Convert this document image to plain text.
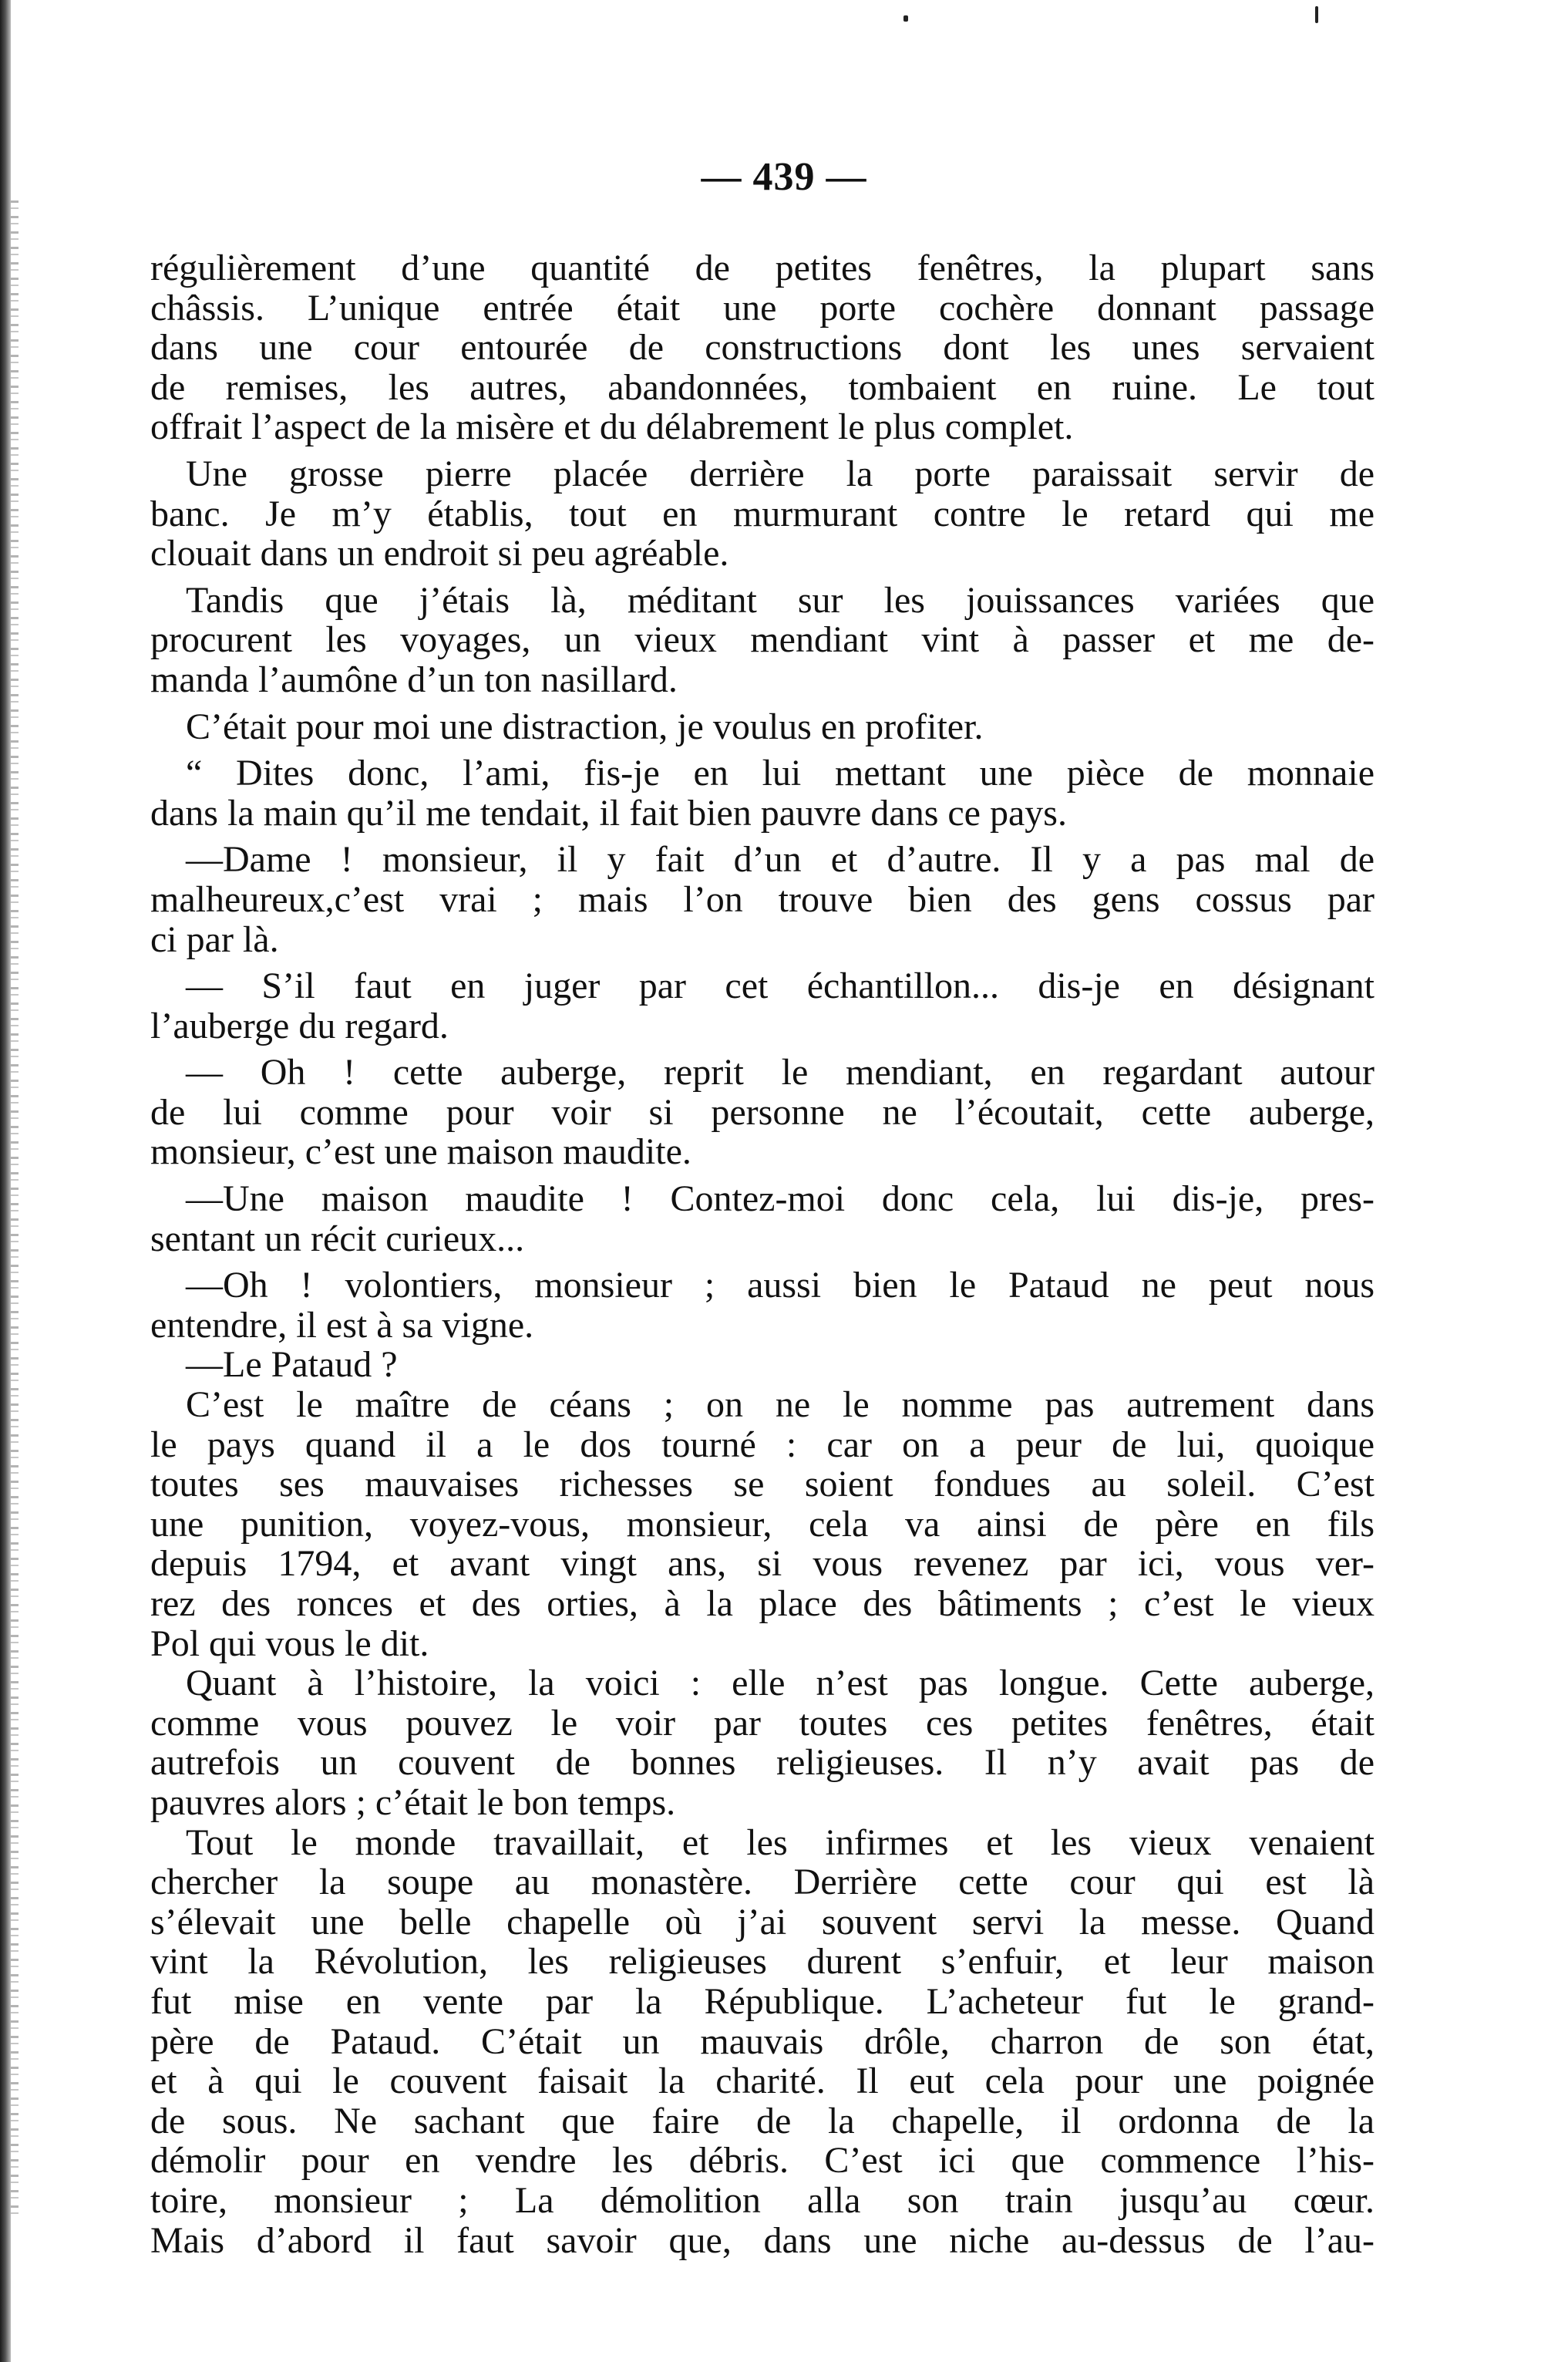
— 439 —
régulièrement d’une quantité de petites fenêtres, la plupart sans
châssis. L’unique entrée était une porte cochère donnant passage
dans une cour entourée de constructions dont les unes servaient
de remises, les autres, abandonnées, tombaient en ruine. Le tout
offrait l’aspect de la misère et du délabrement le plus complet.
Une grosse pierre placée derrière la porte paraissait servir de
banc. Je m’y établis, tout en murmurant contre le retard qui me
clouait dans un endroit si peu agréable.
Tandis que j’étais là, méditant sur les jouissances variées que
procurent les voyages, un vieux mendiant vint à passer et me de-
manda l’aumône d’un ton nasillard.
C’était pour moi une distraction, je voulus en profiter.
“ Dites donc, l’ami, fis-je en lui mettant une pièce de monnaie
dans la main qu’il me tendait, il fait bien pauvre dans ce pays.
—Dame ! monsieur, il y fait d’un et d’autre. Il y a pas mal de
malheureux,c’est vrai ; mais l’on trouve bien des gens cossus par
ci par là.
— S’il faut en juger par cet échantillon... dis-je en désignant
l’auberge du regard.
— Oh ! cette auberge, reprit le mendiant, en regardant autour
de lui comme pour voir si personne ne l’écoutait, cette auberge,
monsieur, c’est une maison maudite.
—Une maison maudite ! Contez-moi donc cela, lui dis-je, pres-
sentant un récit curieux...
—Oh ! volontiers, monsieur ; aussi bien le Pataud ne peut nous
entendre, il est à sa vigne.
—Le Pataud ?
C’est le maître de céans ; on ne le nomme pas autrement dans
le pays quand il a le dos tourné : car on a peur de lui, quoique
toutes ses mauvaises richesses se soient fondues au soleil. C’est
une punition, voyez-vous, monsieur, cela va ainsi de père en fils
depuis 1794, et avant vingt ans, si vous revenez par ici, vous ver-
rez des ronces et des orties, à la place des bâtiments ; c’est le vieux
Pol qui vous le dit.
Quant à l’histoire, la voici : elle n’est pas longue. Cette auberge,
comme vous pouvez le voir par toutes ces petites fenêtres, était
autrefois un couvent de bonnes religieuses. Il n’y avait pas de
pauvres alors ; c’était le bon temps.
Tout le monde travaillait, et les infirmes et les vieux venaient
chercher la soupe au monastère. Derrière cette cour qui est là
s’élevait une belle chapelle où j’ai souvent servi la messe. Quand
vint la Révolution, les religieuses durent s’enfuir, et leur maison
fut mise en vente par la République. L’acheteur fut le grand-
père de Pataud. C’était un mauvais drôle, charron de son état,
et à qui le couvent faisait la charité. Il eut cela pour une poignée
de sous. Ne sachant que faire de la chapelle, il ordonna de la
démolir pour en vendre les débris. C’est ici que commence l’his-
toire, monsieur ; La démolition alla son train jusqu’au cœur.
Mais d’abord il faut savoir que, dans une niche au-dessus de l’au-
